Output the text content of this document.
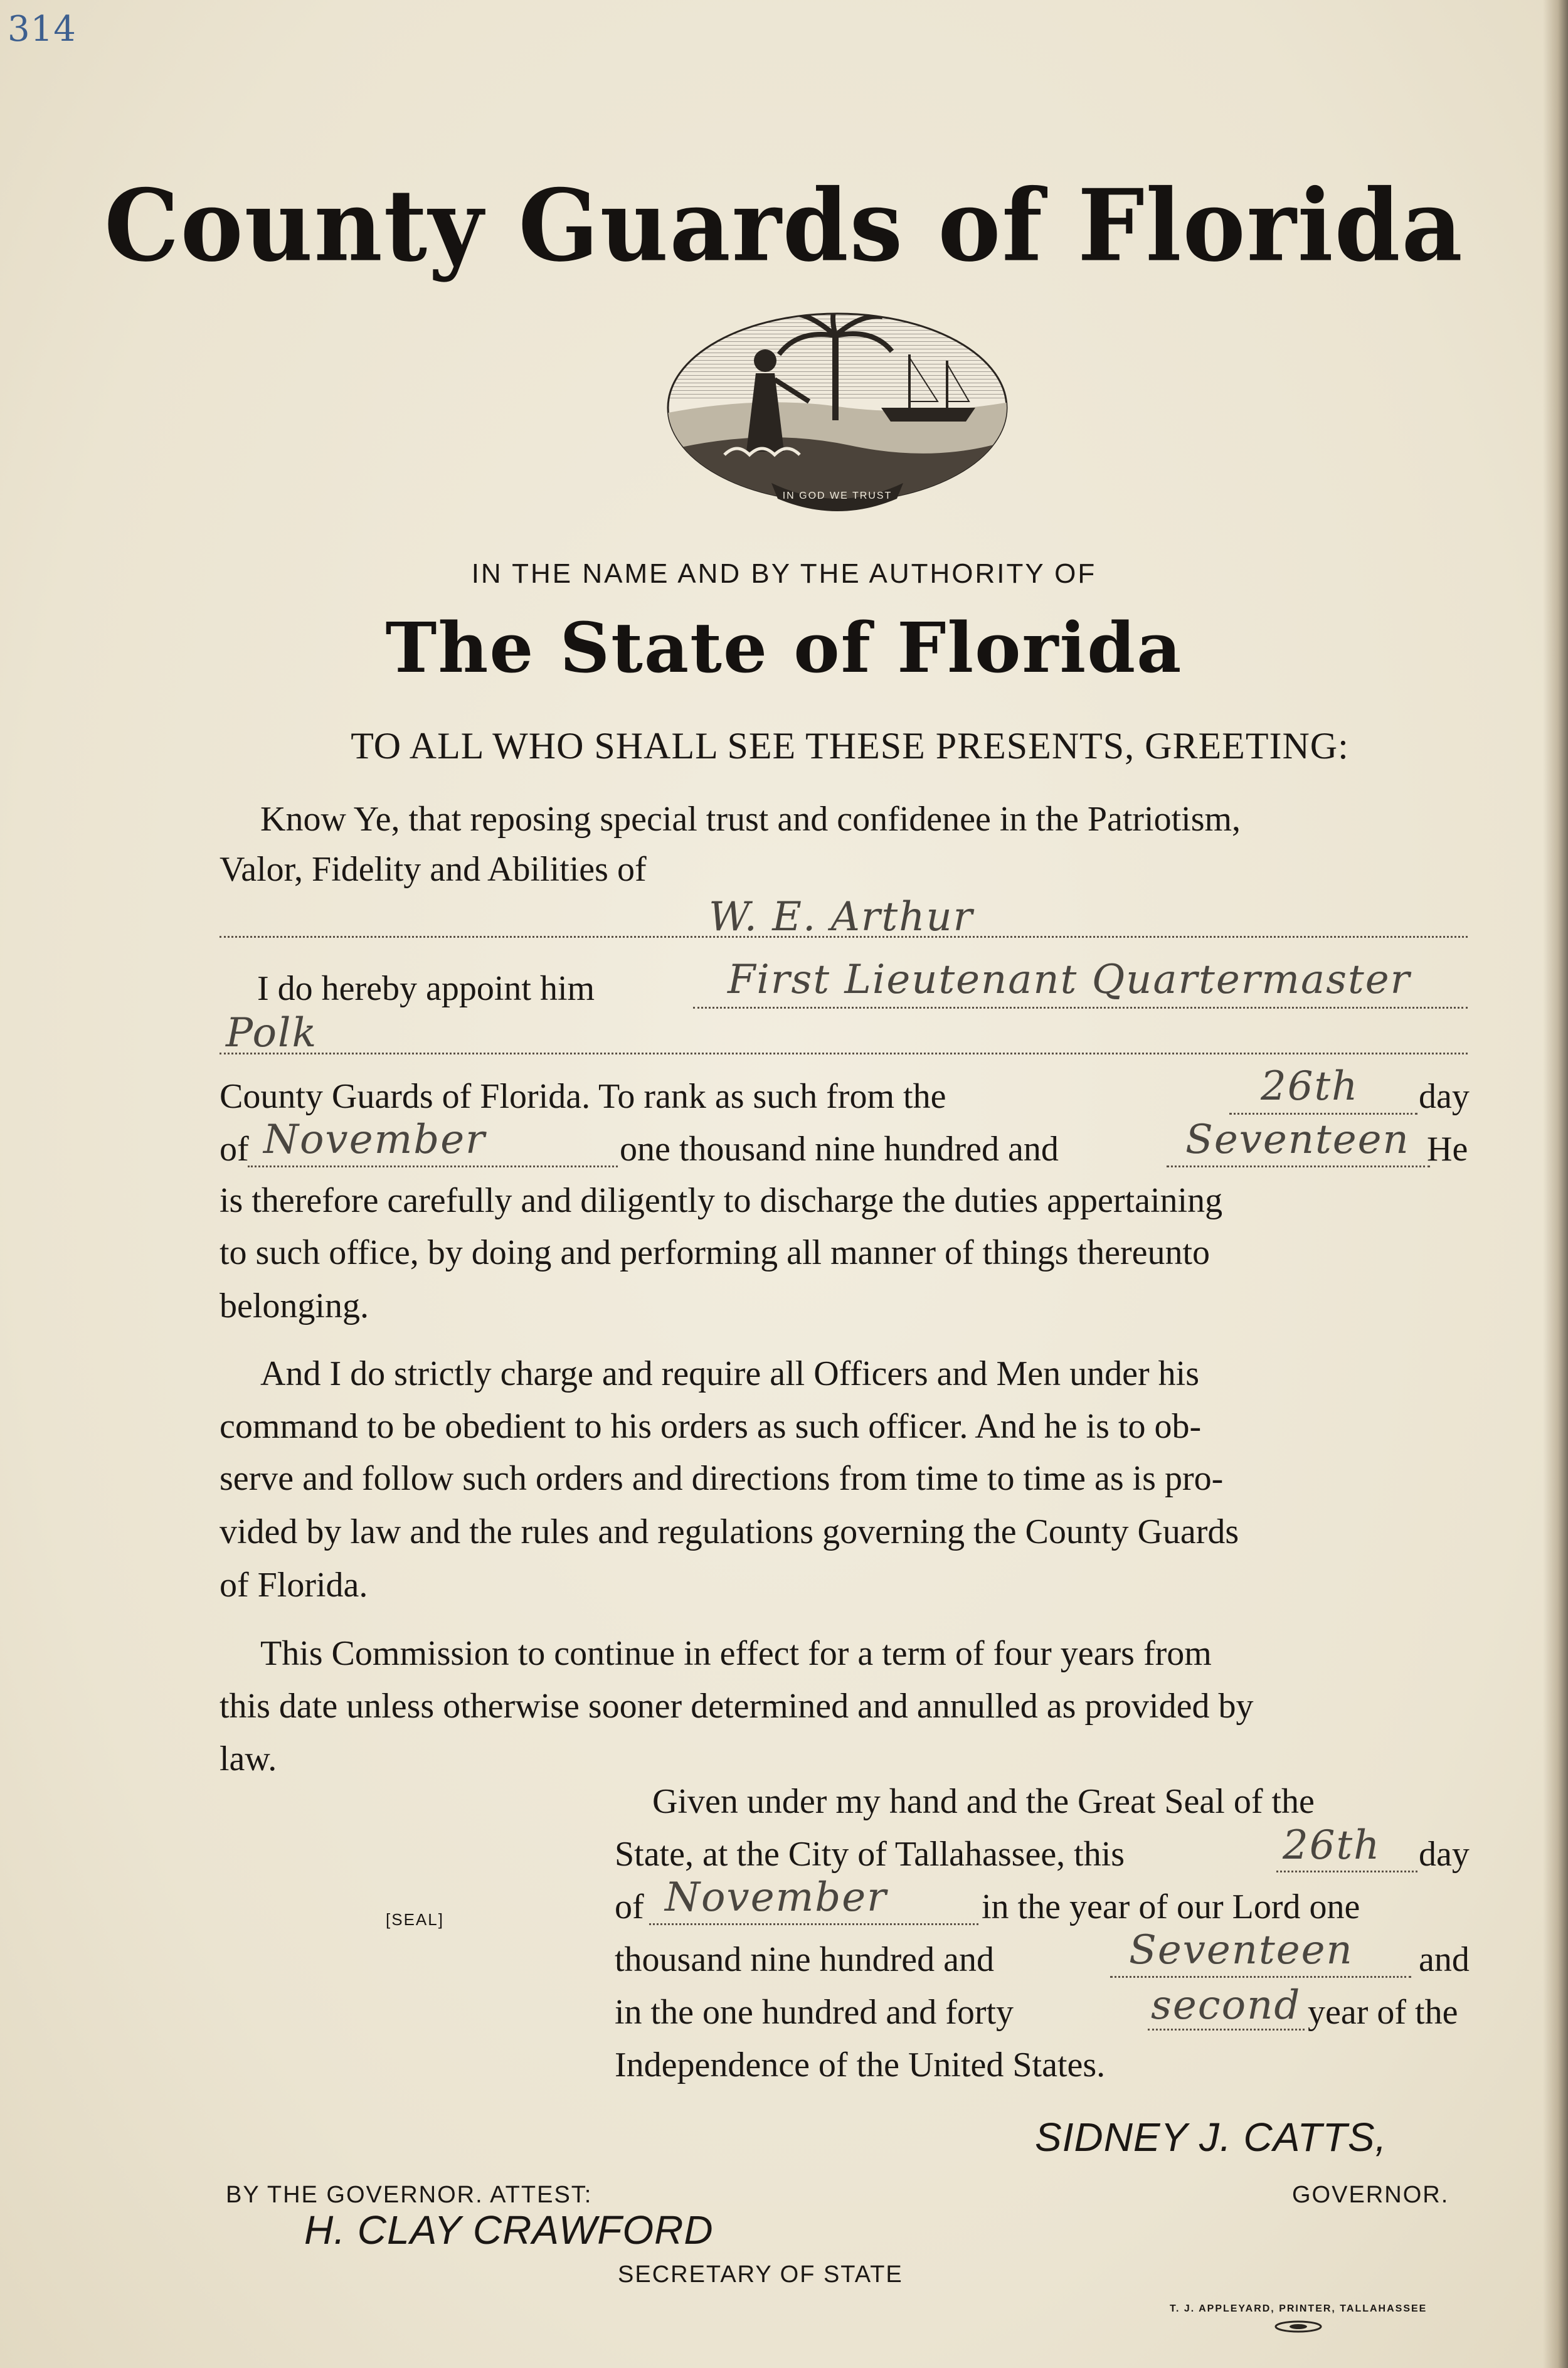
314
County Guards of Florida
IN GOD WE TRUST
IN THE NAME AND BY THE AUTHORITY OF
The State of Florida
TO ALL WHO SHALL SEE THESE PRESENTS, GREETING:
Know Ye, that reposing special trust and confidenee in the Patriotism,
Valor, Fidelity and Abilities of
W. E. Arthur
I do hereby appoint him	First Lieutenant Quartermaster
Polk
County Guards of Florida. To rank as such from the	26th day
of November	one thousand nine hundred and	Seventeen He
is therefore carefully and diligently to discharge the duties appertaining
to such office, by doing and performing all manner of things thereunto
belonging.
And I do strictly charge and require all Officers and Men under his
command to be obedient to his orders as such officer. And he is to ob-
serve and follow such orders and directions from time to time as is pro-
vided by law and the rules and regulations governing the County Guards
of Florida.
This Commission to continue in effect for a term of four years from
this date unless otherwise sooner determined and annulled as provided by
law.
Given under my hand and the Great Seal of the
State, at the City of Tallahassee, this	26th day
[SEAL]	of November	in the year of our Lord one
thousand nine hundred and	Seventeen and
in the one hundred and forty	second year of the
Independence of the United States.
SIDNEY J. CATTS,
GOVERNOR.
BY THE GOVERNOR. ATTEST:
H. CLAY CRAWFORD
SECRETARY OF STATE
T. J. APPLEYARD, PRINTER, TALLAHASSEE
